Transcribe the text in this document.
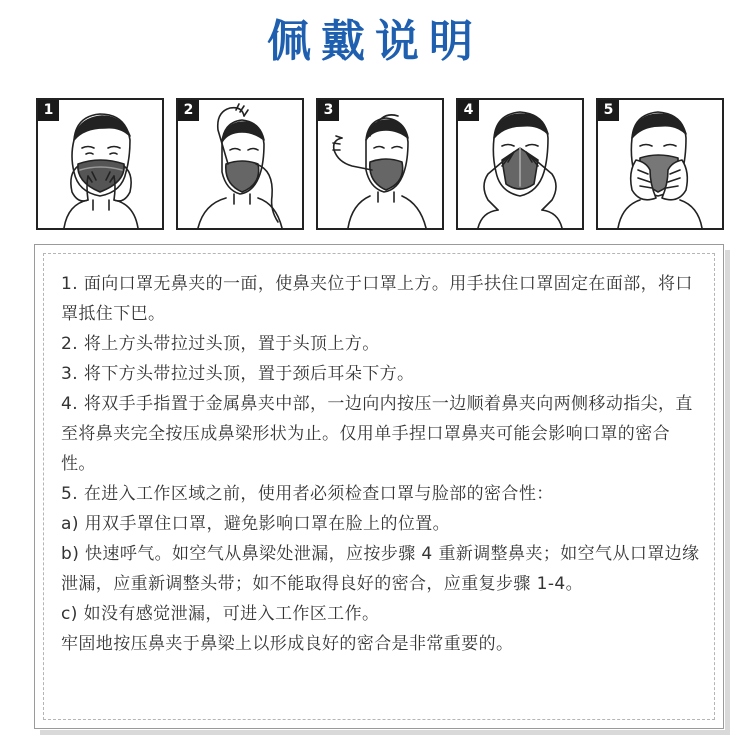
佩戴说明
1	2	3	4	5
1. 面向口罩无鼻夹的一面，使鼻夹位于口罩上方。用手扶住口罩固定在面部，将口罩抵住下巴。
2. 将上方头带拉过头顶，置于头顶上方。
3. 将下方头带拉过头顶，置于颈后耳朵下方。
4. 将双手手指置于金属鼻夹中部，一边向内按压一边顺着鼻夹向两侧移动指尖，直至将鼻夹完全按压成鼻梁形状为止。仅用单手捏口罩鼻夹可能会影响口罩的密合性。
5. 在进入工作区域之前，使用者必须检查口罩与脸部的密合性：
a) 用双手罩住口罩，避免影响口罩在脸上的位置。
b) 快速呼气。如空气从鼻梁处泄漏，应按步骤 4 重新调整鼻夹；如空气从口罩边缘泄漏，应重新调整头带；如不能取得良好的密合，应重复步骤 1-4。
c) 如没有感觉泄漏，可进入工作区工作。
牢固地按压鼻夹于鼻梁上以形成良好的密合是非常重要的。
